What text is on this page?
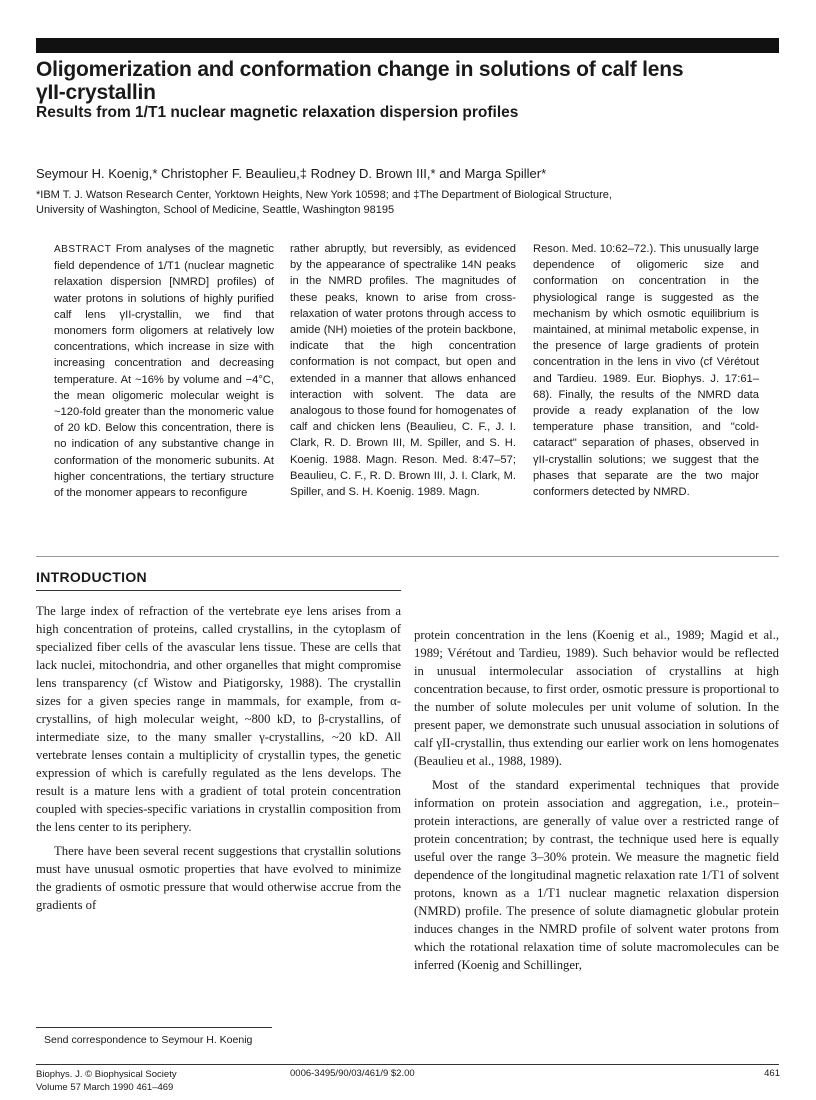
Oligomerization and conformation change in solutions of calf lens
γII-crystallin
Results from 1/T1 nuclear magnetic relaxation dispersion profiles
Seymour H. Koenig,* Christopher F. Beaulieu,‡ Rodney D. Brown III,* and Marga Spiller*
*IBM T. J. Watson Research Center, Yorktown Heights, New York 10598; and ‡The Department of Biological Structure,
University of Washington, School of Medicine, Seattle, Washington 98195
ABSTRACT From analyses of the magnetic field dependence of 1/T1 (nuclear magnetic relaxation dispersion [NMRD] profiles) of water protons in solutions of highly purified calf lens γII-crystallin, we find that monomers form oligomers at relatively low concentrations, which increase in size with increasing concentration and decreasing temperature. At ~16% by volume and −4°C, the mean oligomeric molecular weight is ~120-fold greater than the monomeric value of 20 kD. Below this concentration, there is no indication of any substantive change in conformation of the monomeric subunits. At higher concentrations, the tertiary structure of the monomer appears to reconfigure
rather abruptly, but reversibly, as evidenced by the appearance of spectralike 14N peaks in the NMRD profiles. The magnitudes of these peaks, known to arise from cross-relaxation of water protons through access to amide (NH) moieties of the protein backbone, indicate that the high concentration conformation is not compact, but open and extended in a manner that allows enhanced interaction with solvent. The data are analogous to those found for homogenates of calf and chicken lens (Beaulieu, C. F., J. I. Clark, R. D. Brown III, M. Spiller, and S. H. Koenig. 1988. Magn. Reson. Med. 8:47–57; Beaulieu, C. F., R. D. Brown III, J. I. Clark, M. Spiller, and S. H. Koenig. 1989. Magn.
Reson. Med. 10:62–72.). This unusually large dependence of oligomeric size and conformation on concentration in the physiological range is suggested as the mechanism by which osmotic equilibrium is maintained, at minimal metabolic expense, in the presence of large gradients of protein concentration in the lens in vivo (cf Vérétout and Tardieu. 1989. Eur. Biophys. J. 17:61–68). Finally, the results of the NMRD data provide a ready explanation of the low temperature phase transition, and "cold-cataract" separation of phases, observed in γII-crystallin solutions; we suggest that the phases that separate are the two major conformers detected by NMRD.
INTRODUCTION

The large index of refraction of the vertebrate eye lens arises from a high concentration of proteins, called crystallins, in the cytoplasm of specialized fiber cells of the avascular lens tissue. These are cells that lack nuclei, mitochondria, and other organelles that might compromise lens transparency (cf Wistow and Piatigorsky, 1988). The crystallin sizes for a given species range in mammals, for example, from α-crystallins, of high molecular weight, ~800 kD, to β-crystallins, of intermediate size, to the many smaller γ-crystallins, ~20 kD. All vertebrate lenses contain a multiplicity of crystallin types, the genetic expression of which is carefully regulated as the lens develops. The result is a mature lens with a gradient of total protein concentration coupled with species-specific variations in crystallin composition from the lens center to its periphery.

There have been several recent suggestions that crystallin solutions must have unusual osmotic properties that have evolved to minimize the gradients of osmotic pressure that would otherwise accrue from the gradients of

protein concentration in the lens (Koenig et al., 1989; Magid et al., 1989; Vérétout and Tardieu, 1989). Such behavior would be reflected in unusual intermolecular association of crystallins at high concentration because, to first order, osmotic pressure is proportional to the number of solute molecules per unit volume of solution. In the present paper, we demonstrate such unusual association in solutions of calf γII-crystallin, thus extending our earlier work on lens homogenates (Beaulieu et al., 1988, 1989).

Most of the standard experimental techniques that provide information on protein association and aggregation, i.e., protein–protein interactions, are generally of value over a restricted range of protein concentration; by contrast, the technique used here is equally useful over the range 3–30% protein. We measure the magnetic field dependence of the longitudinal magnetic relaxation rate 1/T1 of solvent protons, known as a 1/T1 nuclear magnetic relaxation dispersion (NMRD) profile. The presence of solute diamagnetic globular protein induces changes in the NMRD profile of solvent water protons from which the rotational relaxation time of solute macromolecules can be inferred (Koenig and Schillinger,

Send correspondence to Seymour H. Koenig
Biophys. J. © Biophysical Society
Volume 57 March 1990 461–469
0006-3495/90/03/461/9 $2.00	461
